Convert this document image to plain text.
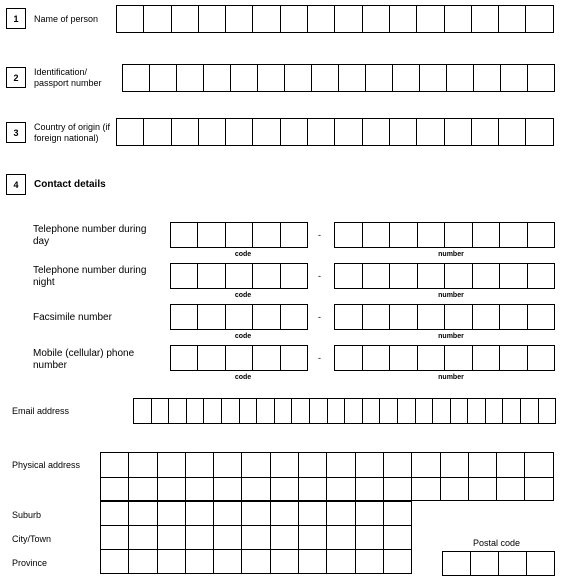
1	Name of person
2
Identification/ passport number
3
Country of origin (if foreign national)
4	Contact details
Telephone number during day
-
code	number
Telephone number during night
-
code	number
Facsimile number	-
code	number
Mobile (cellular) phone number
-
code	number
Email address
Physical address
Suburb
City/Town
Province
Postal code
